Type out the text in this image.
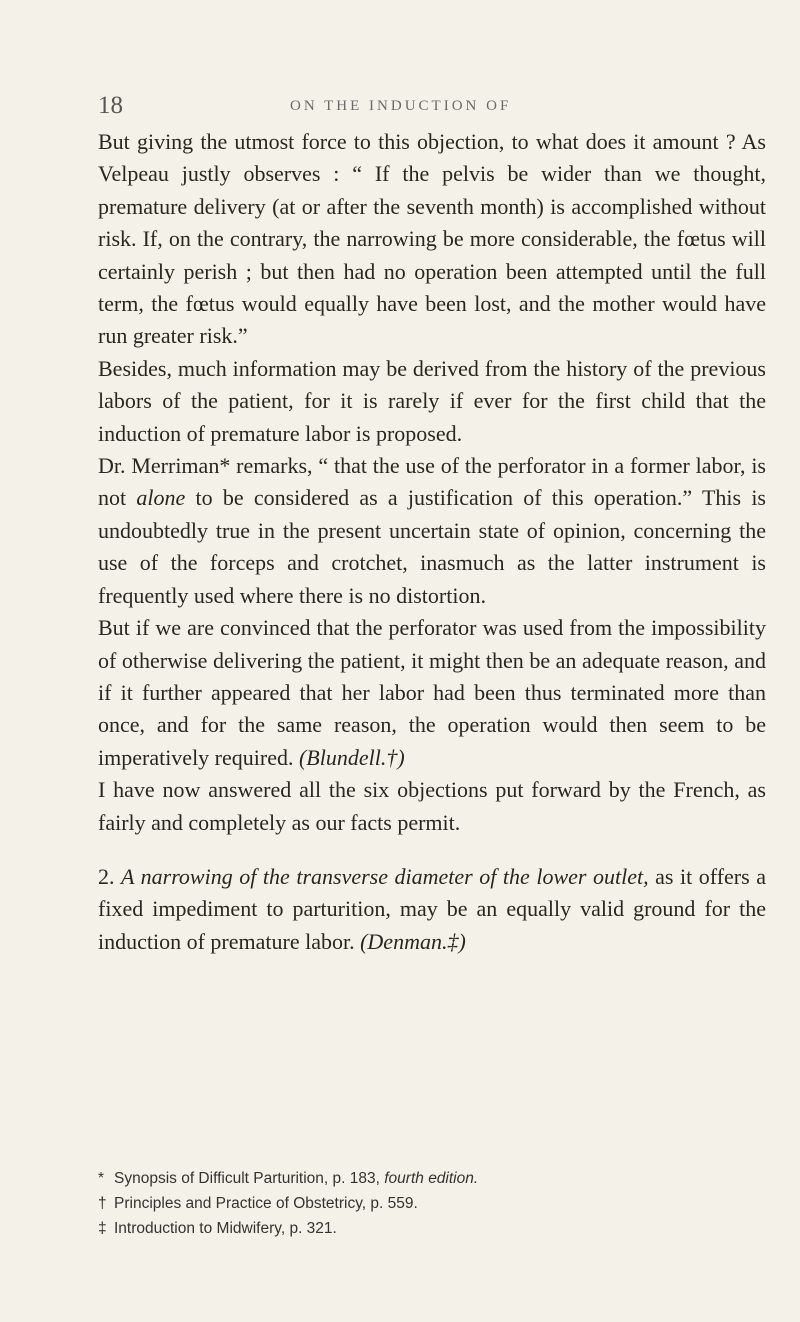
18	ON THE INDUCTION OF

But giving the utmost force to this objection, to what does it amount ? As Velpeau justly observes : “ If the pelvis be wider than we thought, premature delivery (at or after the seventh month) is accomplished without risk. If, on the contrary, the narrowing be more considerable, the fœtus will certainly perish ; but then had no operation been attempted until the full term, the fœtus would equally have been lost, and the mother would have run greater risk.”

Besides, much information may be derived from the history of the previous labors of the patient, for it is rarely if ever for the first child that the induction of premature labor is proposed.

Dr. Merriman* remarks, “ that the use of the perforator in a former labor, is not alone to be considered as a justification of this operation.” This is undoubtedly true in the present uncertain state of opinion, concerning the use of the forceps and crotchet, inasmuch as the latter instrument is frequently used where there is no distortion.

But if we are convinced that the perforator was used from the impossibility of otherwise delivering the patient, it might then be an adequate reason, and if it further appeared that her labor had been thus terminated more than once, and for the same reason, the operation would then seem to be imperatively required. (Blundell.†)

I have now answered all the six objections put forward by the French, as fairly and completely as our facts permit.

2. A narrowing of the transverse diameter of the lower outlet, as it offers a fixed impediment to parturition, may be an equally valid ground for the induction of premature labor. (Denman.‡)

* Synopsis of Difficult Parturition, p. 183, fourth edition.

† Principles and Practice of Obstetricy, p. 559.

‡ Introduction to Midwifery, p. 321.
